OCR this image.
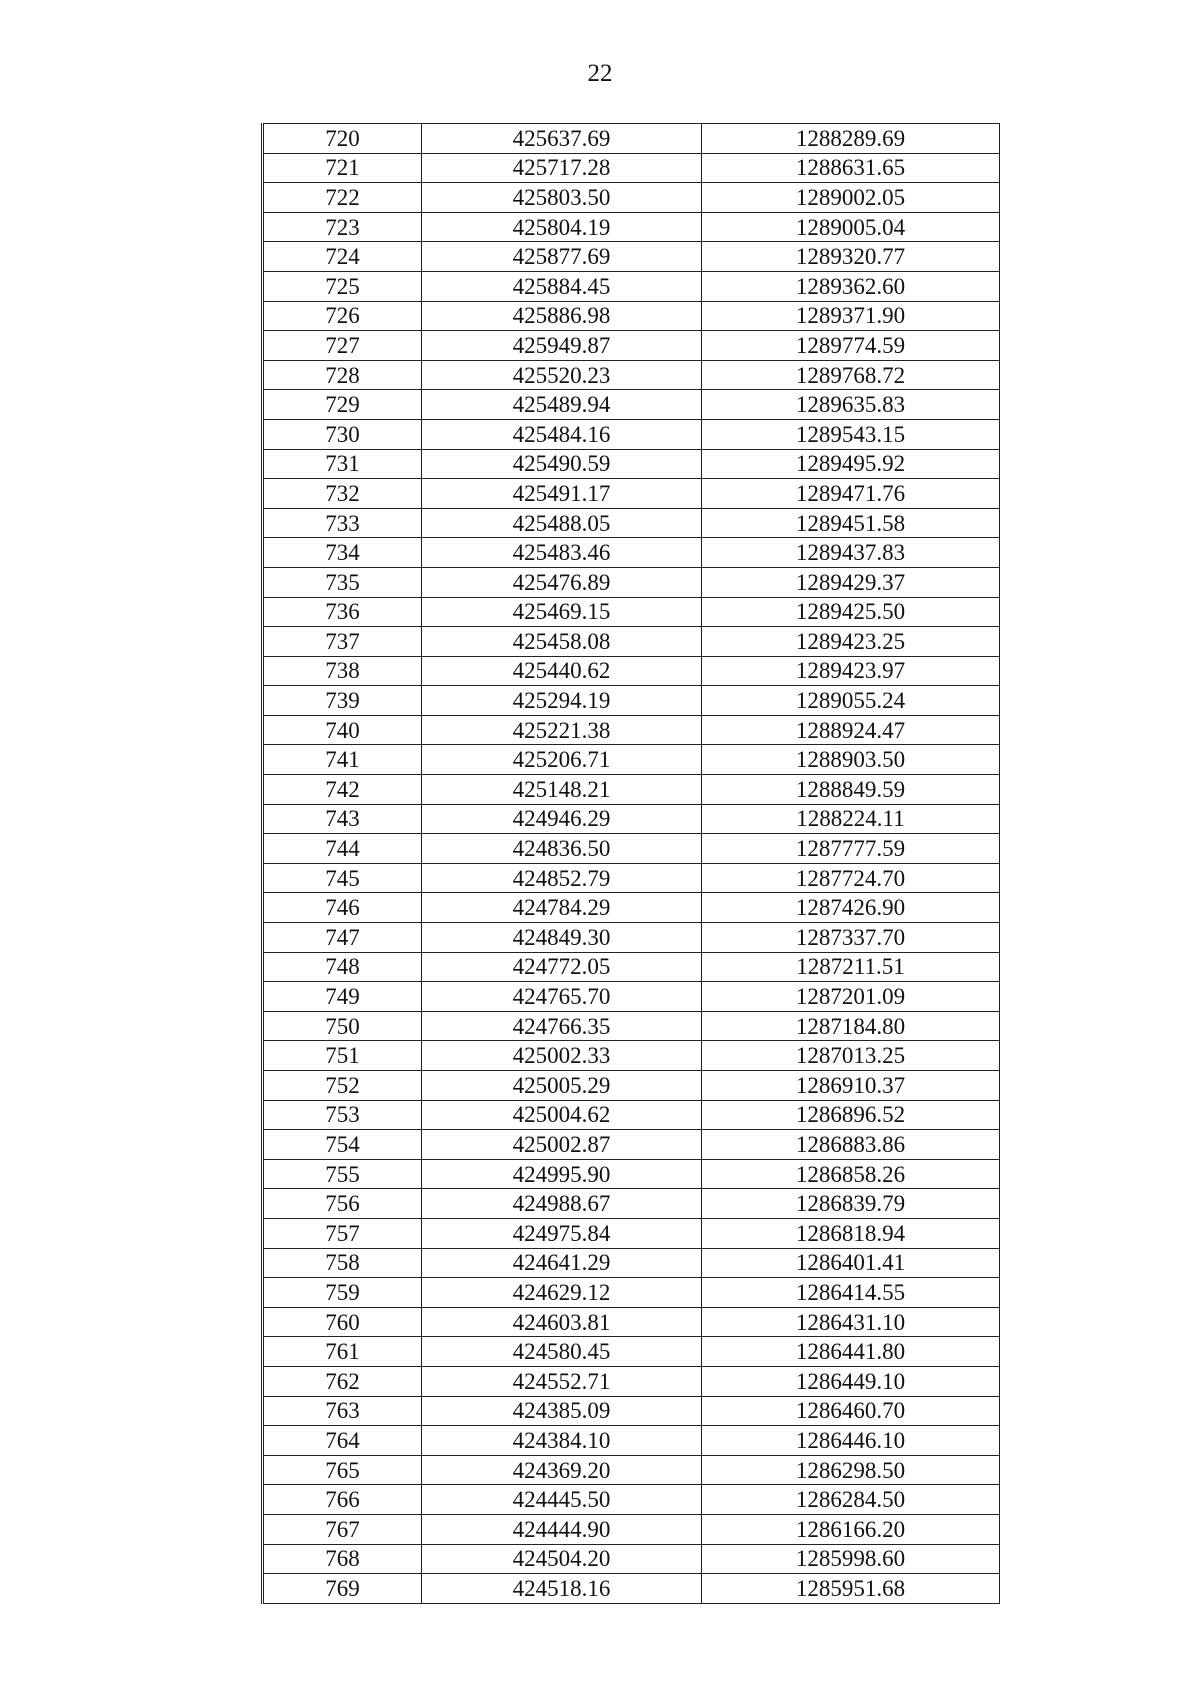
22
720	425637.69	1288289.69
721	425717.28	1288631.65
722	425803.50	1289002.05
723	425804.19	1289005.04
724	425877.69	1289320.77
725	425884.45	1289362.60
726	425886.98	1289371.90
727	425949.87	1289774.59
728	425520.23	1289768.72
729	425489.94	1289635.83
730	425484.16	1289543.15
731	425490.59	1289495.92
732	425491.17	1289471.76
733	425488.05	1289451.58
734	425483.46	1289437.83
735	425476.89	1289429.37
736	425469.15	1289425.50
737	425458.08	1289423.25
738	425440.62	1289423.97
739	425294.19	1289055.24
740	425221.38	1288924.47
741	425206.71	1288903.50
742	425148.21	1288849.59
743	424946.29	1288224.11
744	424836.50	1287777.59
745	424852.79	1287724.70
746	424784.29	1287426.90
747	424849.30	1287337.70
748	424772.05	1287211.51
749	424765.70	1287201.09
750	424766.35	1287184.80
751	425002.33	1287013.25
752	425005.29	1286910.37
753	425004.62	1286896.52
754	425002.87	1286883.86
755	424995.90	1286858.26
756	424988.67	1286839.79
757	424975.84	1286818.94
758	424641.29	1286401.41
759	424629.12	1286414.55
760	424603.81	1286431.10
761	424580.45	1286441.80
762	424552.71	1286449.10
763	424385.09	1286460.70
764	424384.10	1286446.10
765	424369.20	1286298.50
766	424445.50	1286284.50
767	424444.90	1286166.20
768	424504.20	1285998.60
769	424518.16	1285951.68
